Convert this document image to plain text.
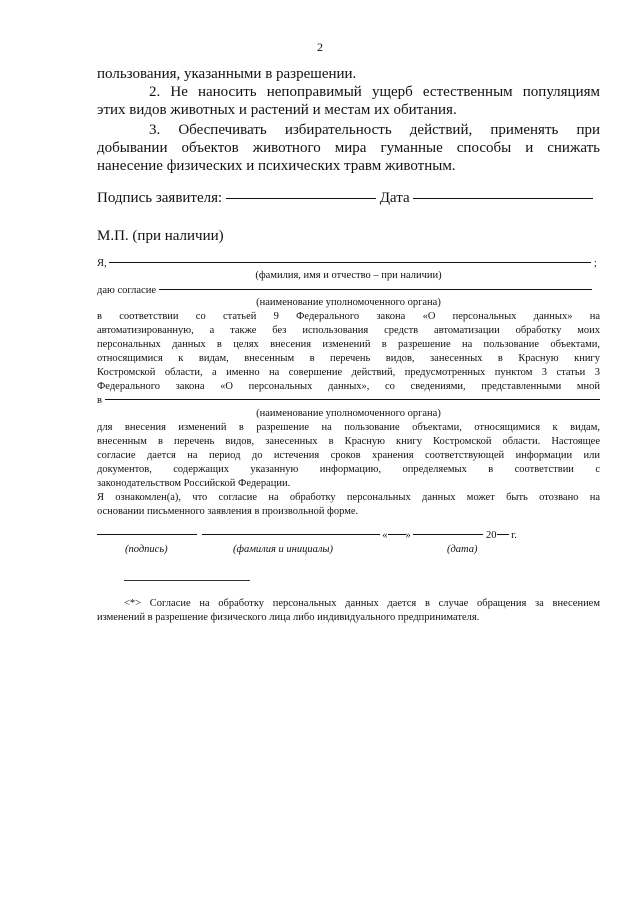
2
пользования, указанными в разрешении.
2. Не наносить непоправимый ущерб естественным популяциям
этих видов животных и растений и местам их обитания.
3. Обеспечивать избирательность действий, применять при
добывании объектов животного мира гуманные способы и снижать
нанесение физических и психических травм животным.
Подпись заявителя:	Дата
М.П. (при наличии)
Я,	;
(фамилия, имя и отчество – при наличии)
даю согласие
(наименование уполномоченного органа)
в соответствии со статьей 9 Федерального закона «О персональных данных» на
автоматизированную, а также без использования средств автоматизации обработку моих
персональных данных в целях внесения изменений в разрешение на пользование объектами,
относящимися к видам, внесенным в перечень видов, занесенных в Красную книгу
Костромской области, а именно на совершение действий, предусмотренных пунктом 3 статьи 3
Федерального закона «О персональных данных», со сведениями, представленными мной
в
(наименование уполномоченного органа)
для внесения изменений в разрешение на пользование объектами, относящимися к видам,
внесенным в перечень видов, занесенных в Красную книгу Костромской области. Настоящее
согласие дается на период до истечения сроков хранения соответствующей информации или
документов, содержащих указанную информацию, определяемых в соответствии с
законодательством Российской Федерации.
Я ознакомлен(а), что согласие на обработку персональных данных может быть отозвано на
основании письменного заявления в произвольной форме.
« »	20 г.
(подпись)	(фамилия и инициалы)	(дата)
<*> Согласие на обработку персональных данных дается в случае обращения за внесением
изменений в разрешение физического лица либо индивидуального предпринимателя.
